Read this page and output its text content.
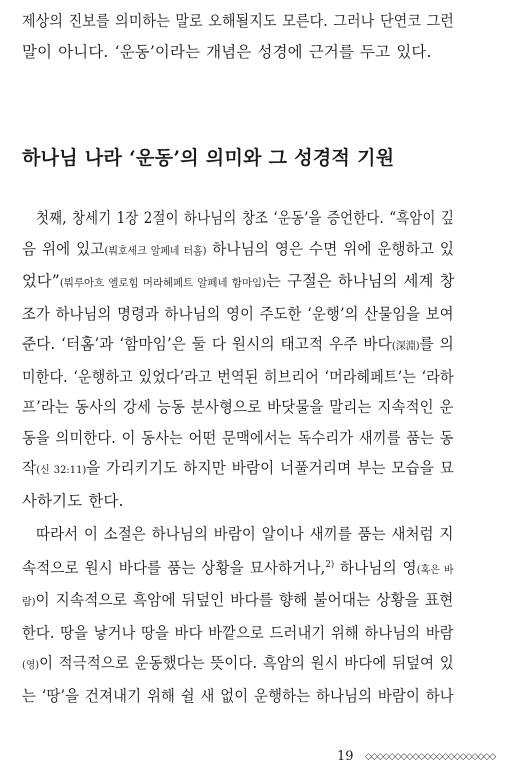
제상의 진보를 의미하는 말로 오해될지도 모른다. 그러나 단연코 그런
말이 아니다. ‘운동’이라는 개념은 성경에 근거를 두고 있다.
하나님 나라 ‘운동’의 의미와 그 성경적 기원
첫째, 창세기 1장 2절이 하나님의 창조 ‘운동’을 증언한다. “흑암이 깊
음 위에 있고(붜호세크 알페네 터홈) 하나님의 영은 수면 위에 운행하고 있
었다”(붜루아흐 엘로힘 머라헤페트 알페네 함마임)는 구절은 하나님의 세계 창
조가 하나님의 명령과 하나님의 영이 주도한 ‘운행’의 산물임을 보여
준다. ‘터홈’과 ‘함마임’은 둘 다 원시의 태고적 우주 바다(深淵)를 의
미한다. ‘운행하고 있었다’라고 번역된 히브리어 ‘머라헤페트’는 ‘라하
프’라는 동사의 강세 능동 분사형으로 바닷물을 말리는 지속적인 운
동을 의미한다. 이 동사는 어떤 문맥에서는 독수리가 새끼를 품는 동
작(신 32:11)을 가리키기도 하지만 바람이 너풀거리며 부는 모습을 묘
사하기도 한다.
따라서 이 소절은 하나님의 바람이 알이나 새끼를 품는 새처럼 지
속적으로 원시 바다를 품는 상황을 묘사하거나,$^{2)}$ 하나님의 영(혹은 바
람)이 지속적으로 흑암에 뒤덮인 바다를 향해 불어대는 상황을 표현
한다. 땅을 낳거나 땅을 바다 바깥으로 드러내기 위해 하나님의 바람
(영)이 적극적으로 운동했다는 뜻이다. 흑암의 원시 바다에 뒤덮여 있
는 ‘땅’을 건져내기 위해 쉴 새 없이 운행하는 하나님의 바람이 하나
19 ◇◇◇◇◇◇◇◇◇◇◇◇◇◇◇◇◇◇◇◇◇◇
